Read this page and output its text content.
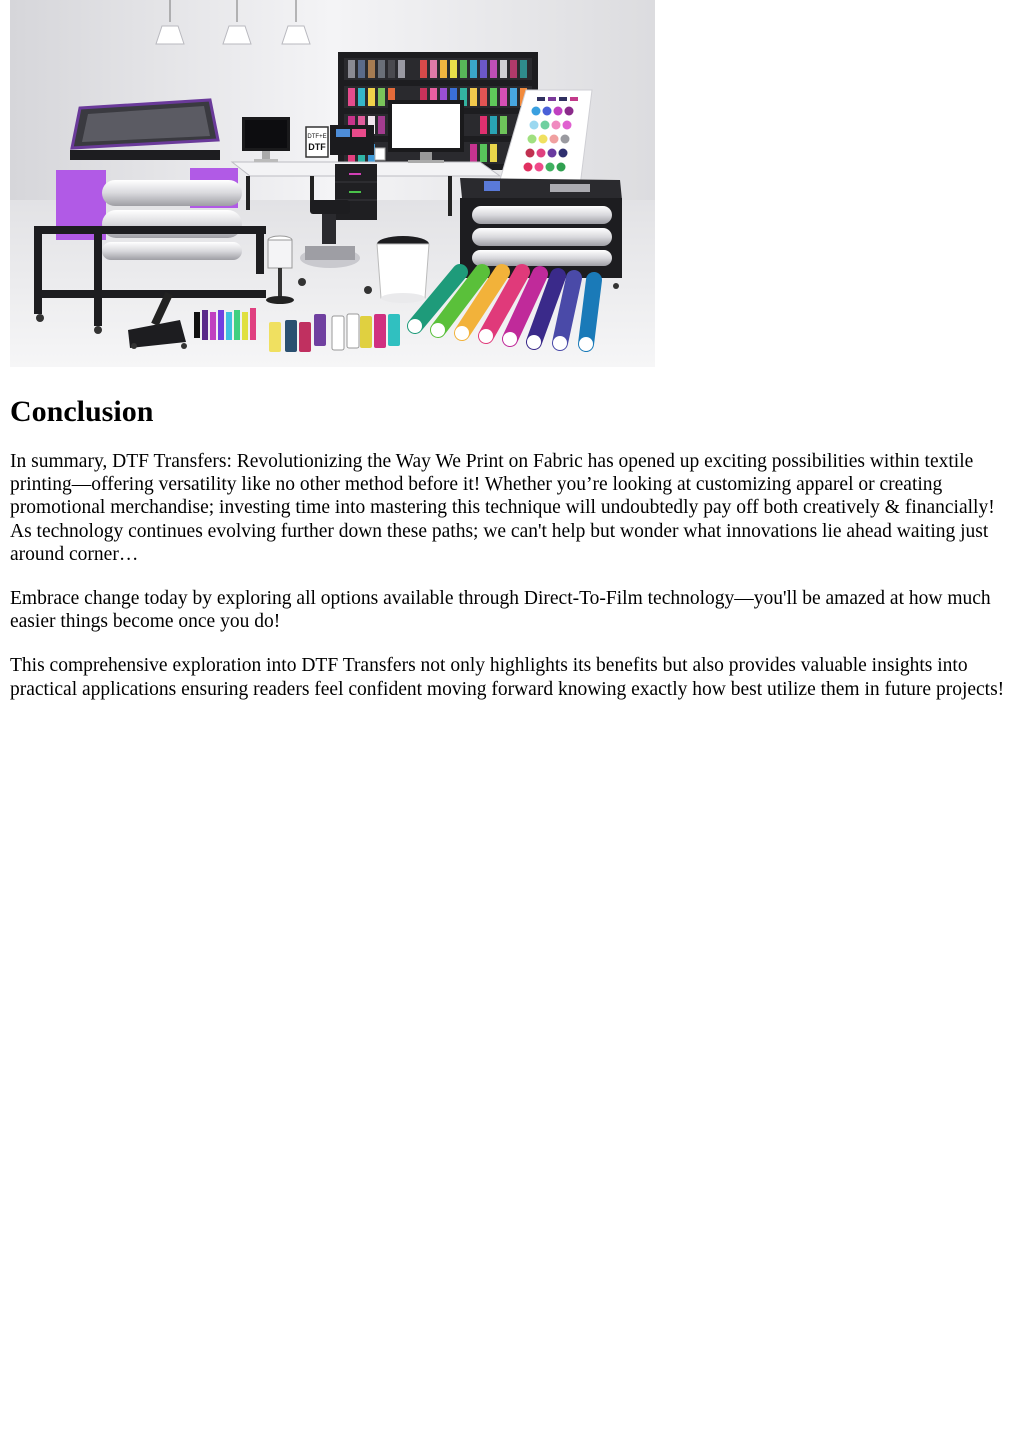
DTF+E
DTF
Conclusion

In summary, DTF Transfers: Revolutionizing the Way We Print on Fabric has opened up exciting possibilities within textile printing—offering versatility like no other method before it! Whether you’re looking at customizing apparel or creating promotional merchandise; investing time into mastering this technique will undoubtedly pay off both creatively & financially! As technology continues evolving further down these paths; we can't help but wonder what innovations lie ahead waiting just around corner…

Embrace change today by exploring all options available through Direct-To-Film technology—you'll be amazed at how much easier things become once you do!

This comprehensive exploration into DTF Transfers not only highlights its benefits but also provides valuable insights into practical applications ensuring readers feel confident moving forward knowing exactly how best utilize them in future projects!
